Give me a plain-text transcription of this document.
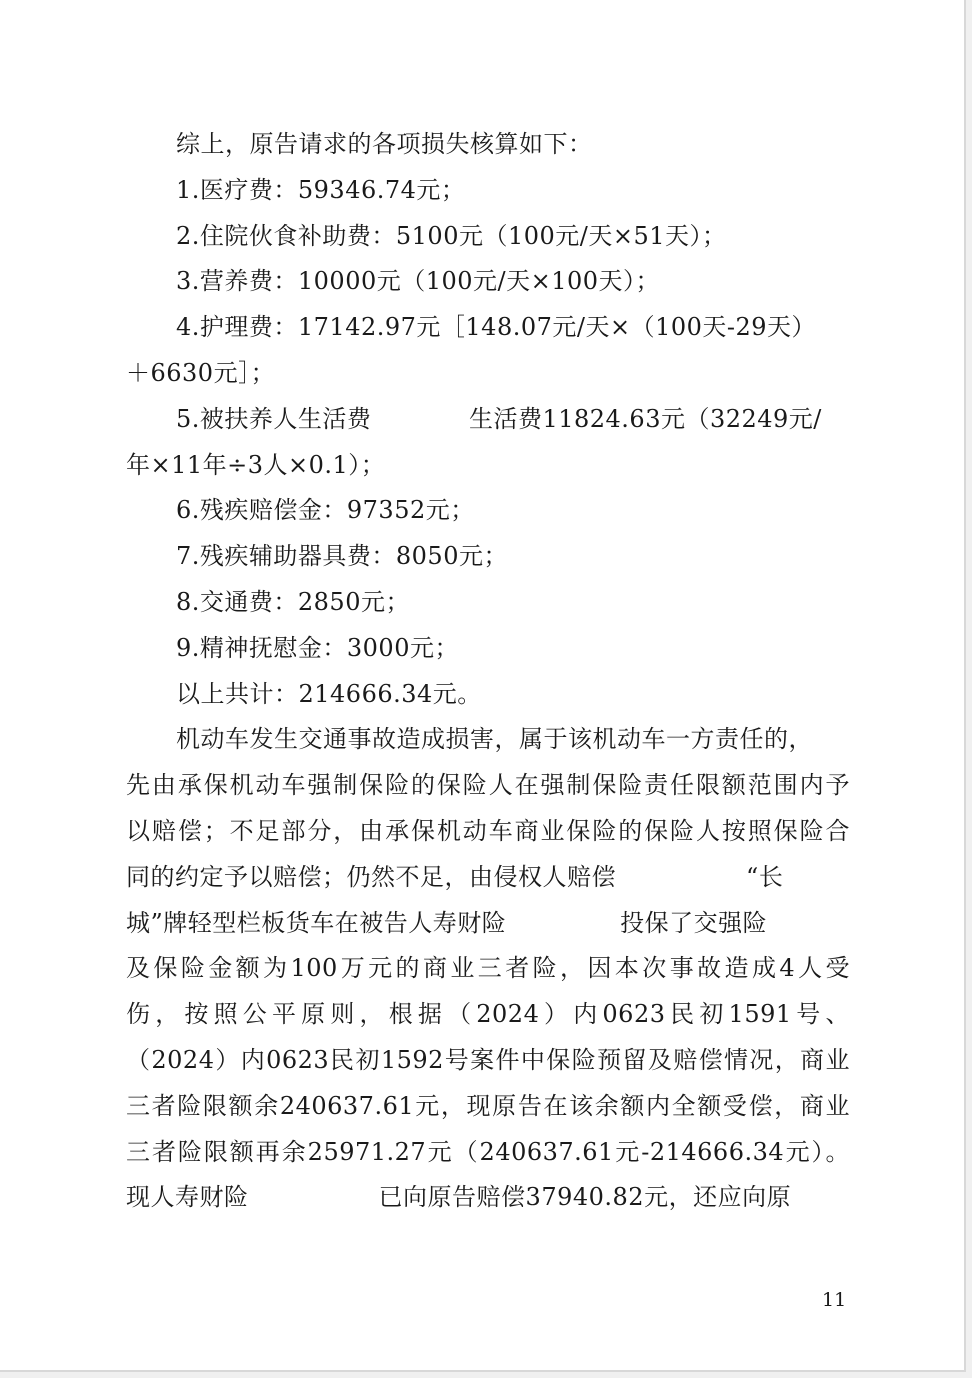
综上，原告请求的各项损失核算如下：
1.医疗费：59346.74元；
2.住院伙食补助费：5100元（100元/天×51天）；
3.营养费：10000元（100元/天×100天）；
4.护理费：17142.97元［148.07元/天×（100天-29天）
＋6630元］；
5.被扶养人生活费            生活费11824.63元（32249元/
年×11年÷3人×0.1）；
6.残疾赔偿金：97352元；
7.残疾辅助器具费：8050元；
8.交通费：2850元；
9.精神抚慰金：3000元；
以上共计：214666.34元。
机动车发生交通事故造成损害，属于该机动车一方责任的，
先由承保机动车强制保险的保险人在强制保险责任限额范围内予
以赔偿；不足部分，由承保机动车商业保险的保险人按照保险合
同的约定予以赔偿；仍然不足，由侵权人赔偿                “长
城”牌轻型栏板货车在被告人寿财险              投保了交强险
及保险金额为100万元的商业三者险，因本次事故造成4人受
伤，按照公平原则，根据（2024）内0623民初1591号、
（2024）内0623民初1592号案件中保险预留及赔偿情况，商业
三者险限额余240637.61元，现原告在该余额内全额受偿，商业
三者险限额再余25971.27元（240637.61元-214666.34元）。
现人寿财险                已向原告赔偿37940.82元，还应向原
11
